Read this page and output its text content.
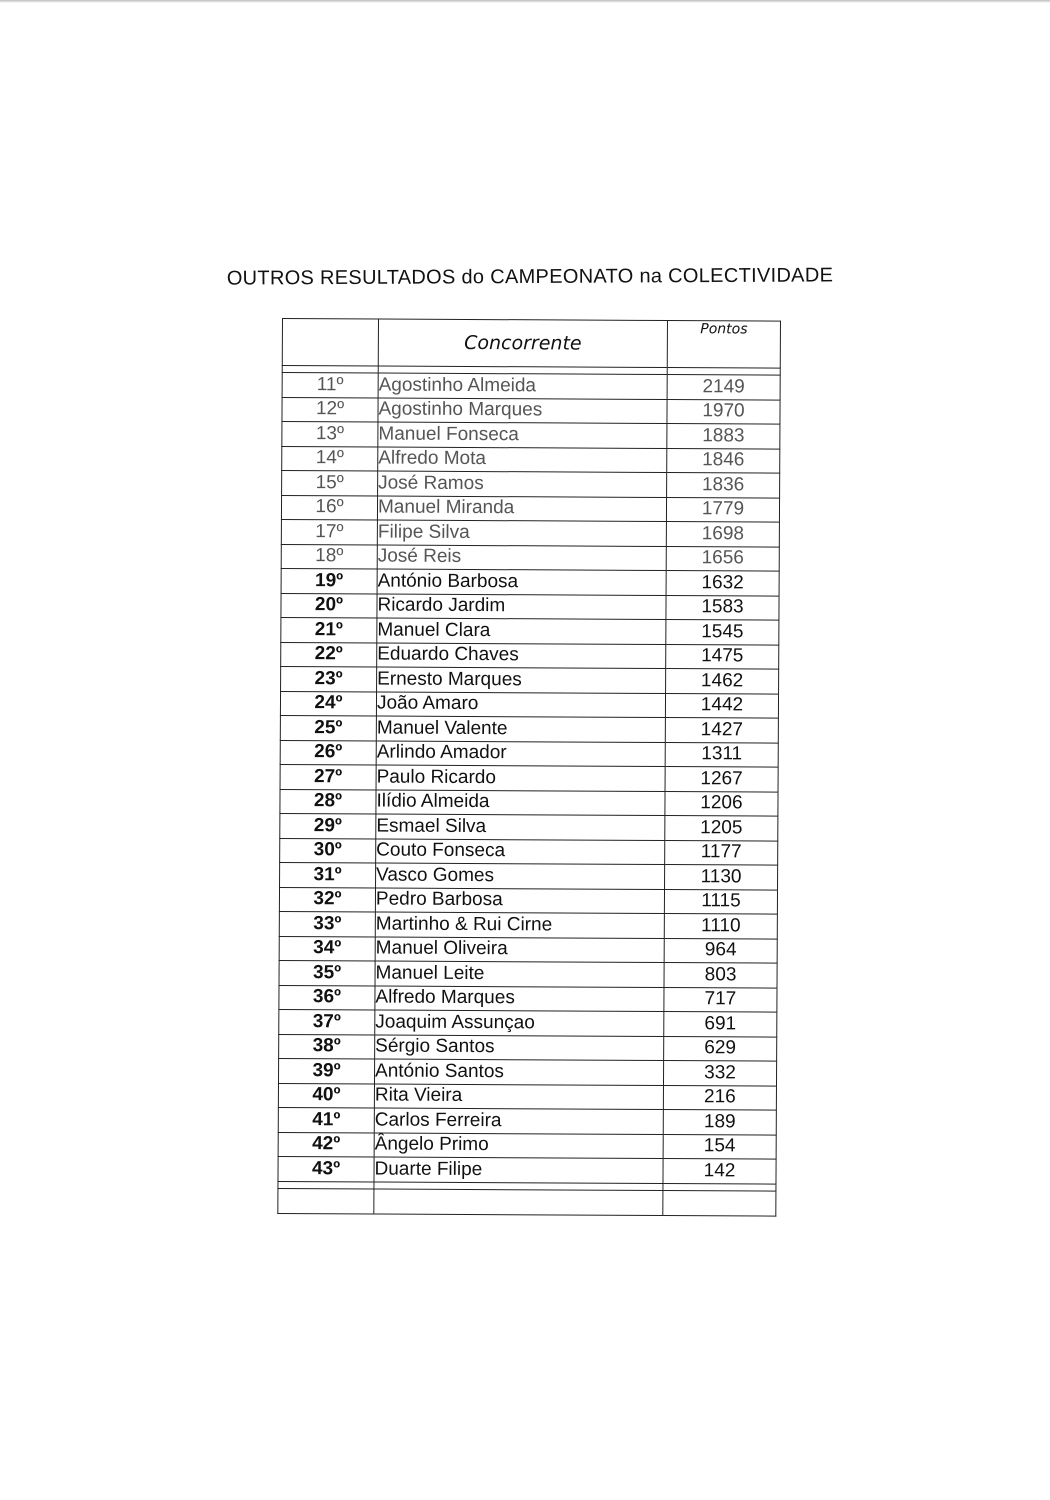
OUTROS RESULTADOS do CAMPEONATO na COLECTIVIDADE
	Concorrente	Pontos

11º	Agostinho Almeida	2149
12º	Agostinho Marques	1970
13º	Manuel Fonseca	1883
14º	Alfredo Mota	1846
15º	José Ramos	1836
16º	Manuel Miranda	1779
17º	Filipe Silva	1698
18º	José Reis	1656
19º	António Barbosa	1632
20º	Ricardo Jardim	1583
21º	Manuel Clara	1545
22º	Eduardo Chaves	1475
23º	Ernesto Marques	1462
24º	João Amaro	1442
25º	Manuel Valente	1427
26º	Arlindo Amador	1311
27º	Paulo Ricardo	1267
28º	Ilídio Almeida	1206
29º	Esmael Silva	1205
30º	Couto Fonseca	1177
31º	Vasco Gomes	1130
32º	Pedro Barbosa	1115
33º	Martinho & Rui Cirne	1110
34º	Manuel Oliveira	964
35º	Manuel Leite	803
36º	Alfredo Marques	717
37º	Joaquim Assunçao	691
38º	Sérgio Santos	629
39º	António Santos	332
40º	Rita Vieira	216
41º	Carlos Ferreira	189
42º	Ângelo Primo	154
43º	Duarte Filipe	142
